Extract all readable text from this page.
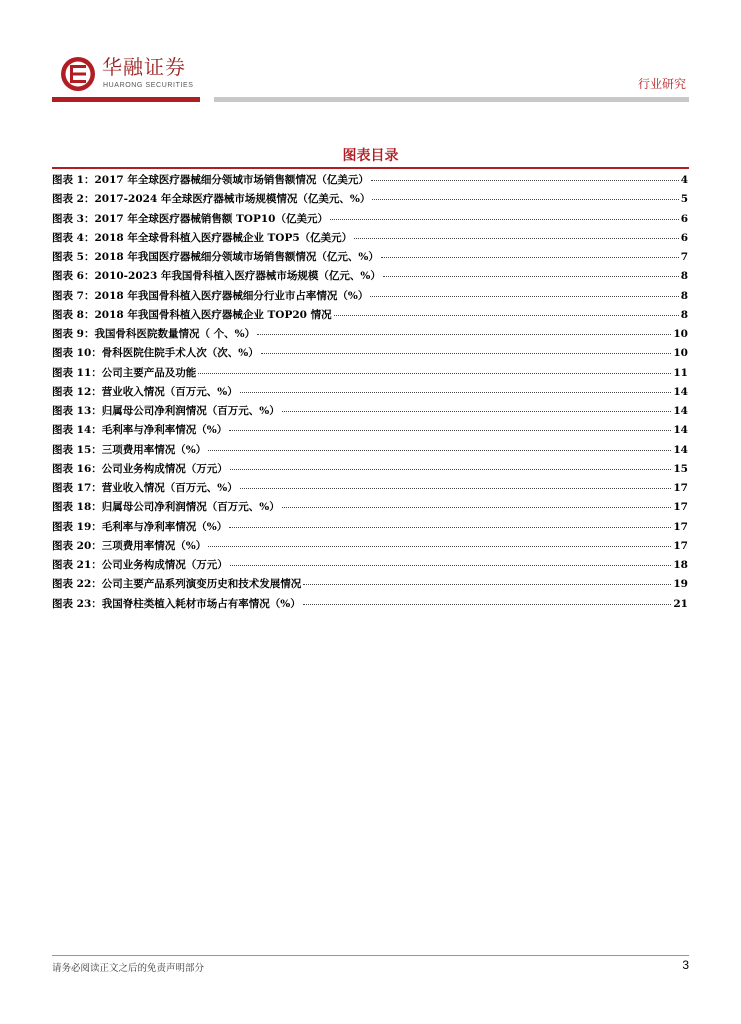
华融证券
HUARONG SECURITIES	行业研究
图表目录
图表 1：2017 年全球医疗器械细分领域市场销售额情况（亿美元）	4
图表 2：2017-2024 年全球医疗器械市场规模情况（亿美元、%）	5
图表 3：2017 年全球医疗器械销售额 TOP10（亿美元）	6
图表 4：2018 年全球骨科植入医疗器械企业 TOP5（亿美元）	6
图表 5：2018 年我国医疗器械细分领域市场销售额情况（亿元、%）	7
图表 6：2010-2023 年我国骨科植入医疗器械市场规模（亿元、%）	8
图表 7：2018 年我国骨科植入医疗器械细分行业市占率情况（%）	8
图表 8：2018 年我国骨科植入医疗器械企业 TOP20 情况	8
图表 9：我国骨科医院数量情况（ 个、%）	10
图表 10：骨科医院住院手术人次（次、%）	10
图表 11：公司主要产品及功能	11
图表 12：营业收入情况（百万元、%）	14
图表 13：归属母公司净利润情况（百万元、%）	14
图表 14：毛利率与净利率情况（%）	14
图表 15：三项费用率情况（%）	14
图表 16：公司业务构成情况（万元）	15
图表 17：营业收入情况（百万元、%）	17
图表 18：归属母公司净利润情况（百万元、%）	17
图表 19：毛利率与净利率情况（%）	17
图表 20：三项费用率情况（%）	17
图表 21：公司业务构成情况（万元）	18
图表 22：公司主要产品系列演变历史和技术发展情况	19
图表 23：我国脊柱类植入耗材市场占有率情况（%）	21
请务必阅读正文之后的免责声明部分	3
